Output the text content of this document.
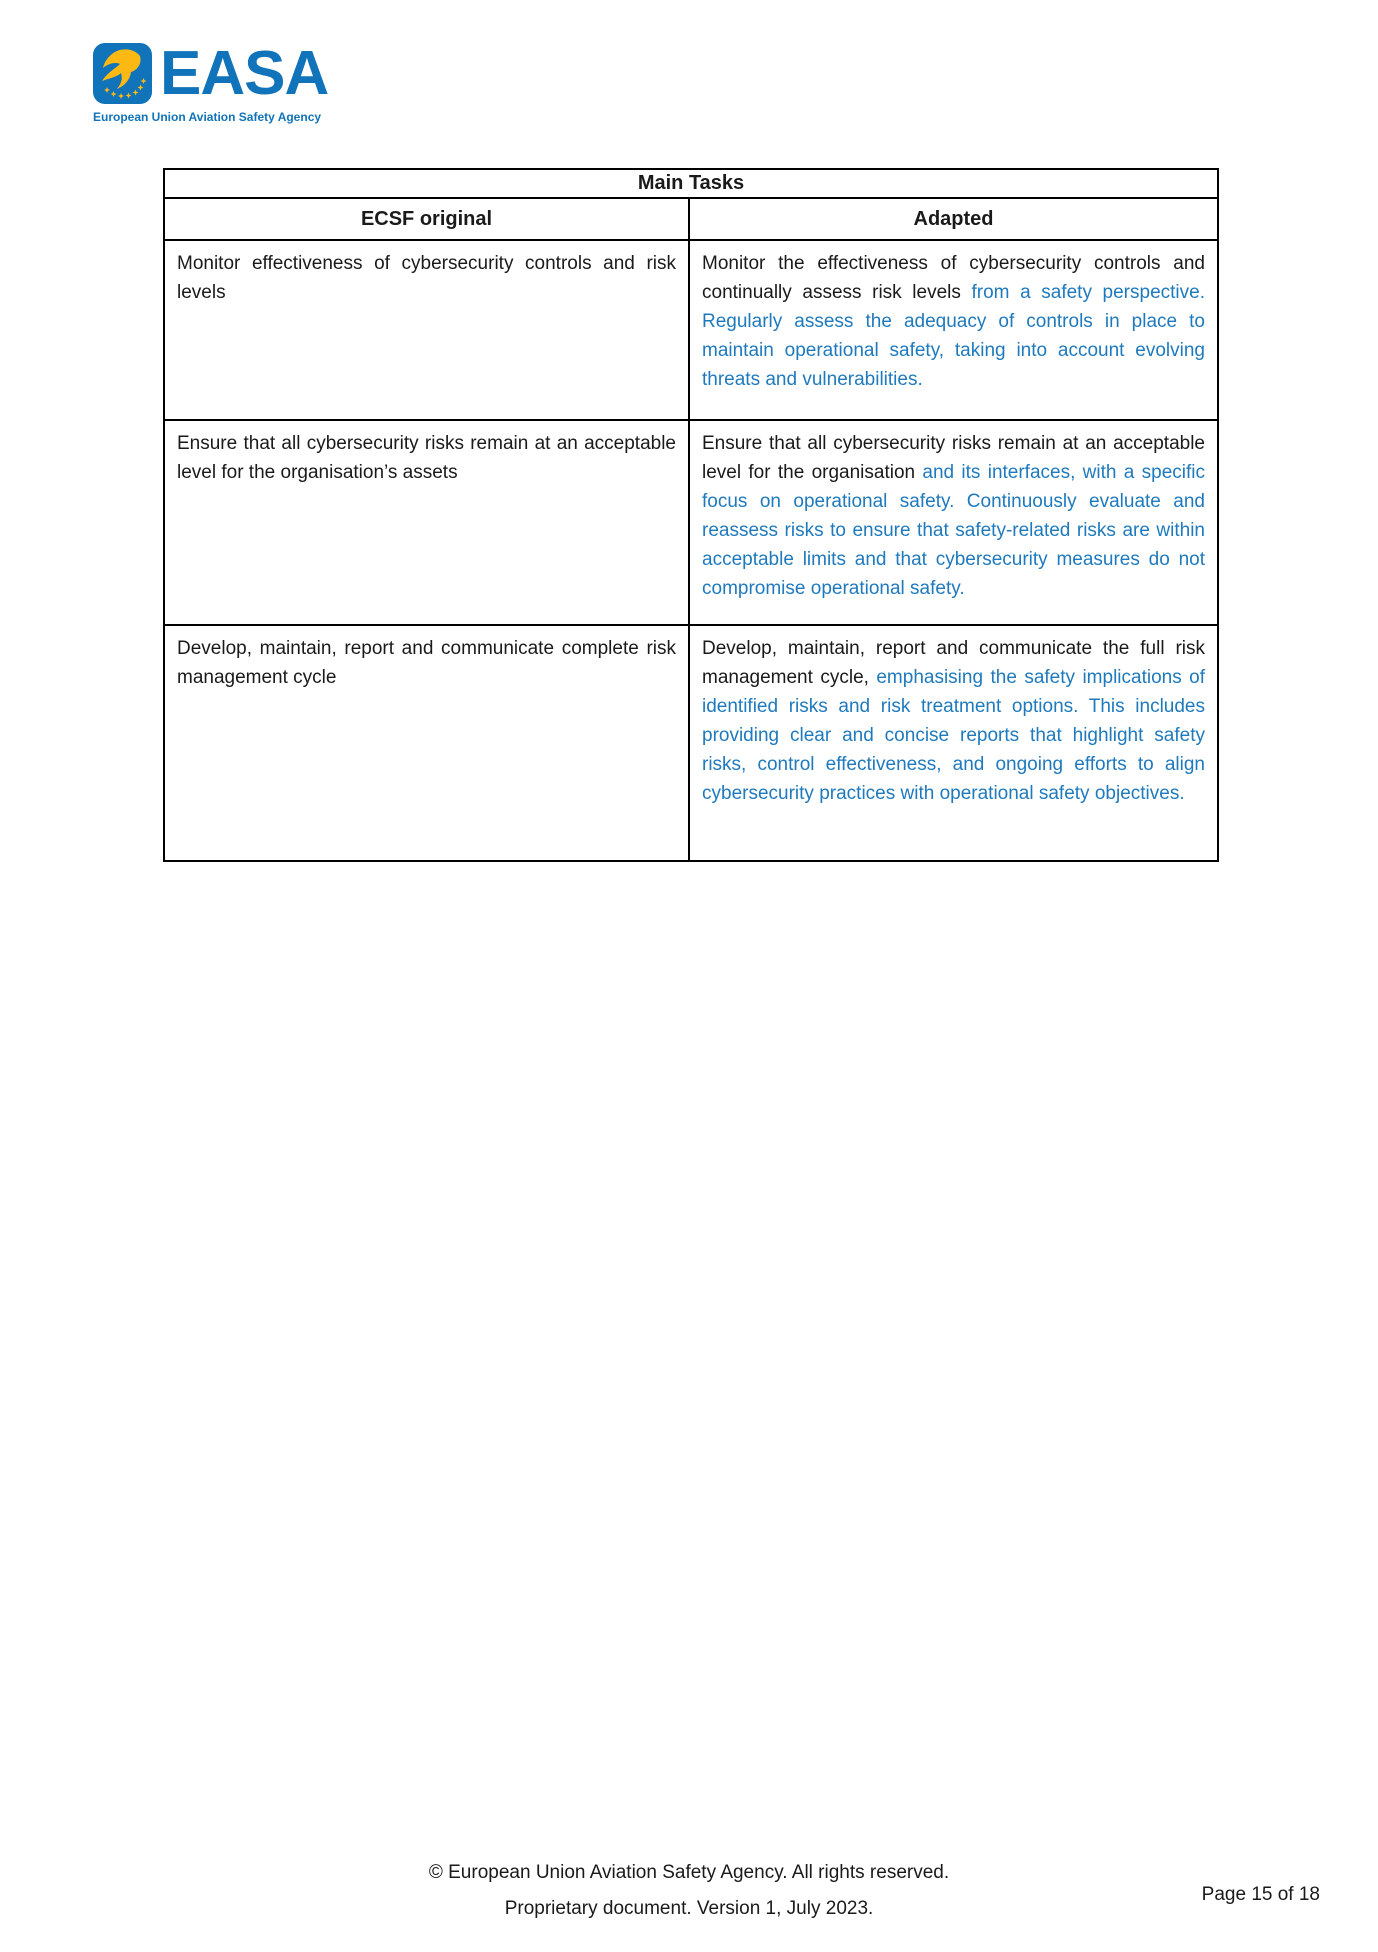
EASA
European Union Aviation Safety Agency
Main Tasks	
ECSF original	Adapted
Monitor effectiveness of cybersecurity controls and risk levels	Monitor the effectiveness of cybersecurity controls and continually assess risk levels from a safety perspective. Regularly assess the adequacy of controls in place to maintain operational safety, taking into account evolving threats and vulnerabilities.
Ensure that all cybersecurity risks remain at an acceptable level for the organisation’s assets	Ensure that all cybersecurity risks remain at an acceptable level for the organisation and its interfaces, with a specific focus on operational safety. Continuously evaluate and reassess risks to ensure that safety-related risks are within acceptable limits and that cybersecurity measures do not compromise operational safety.
Develop, maintain, report and communicate complete risk management cycle	Develop, maintain, report and communicate the full risk management cycle, emphasising the safety implications of identified risks and risk treatment options. This includes providing clear and concise reports that highlight safety risks, control effectiveness, and ongoing efforts to align cybersecurity practices with operational safety objectives.
© European Union Aviation Safety Agency. All rights reserved.
Proprietary document. Version 1, July 2023.
Page 15 of 18
